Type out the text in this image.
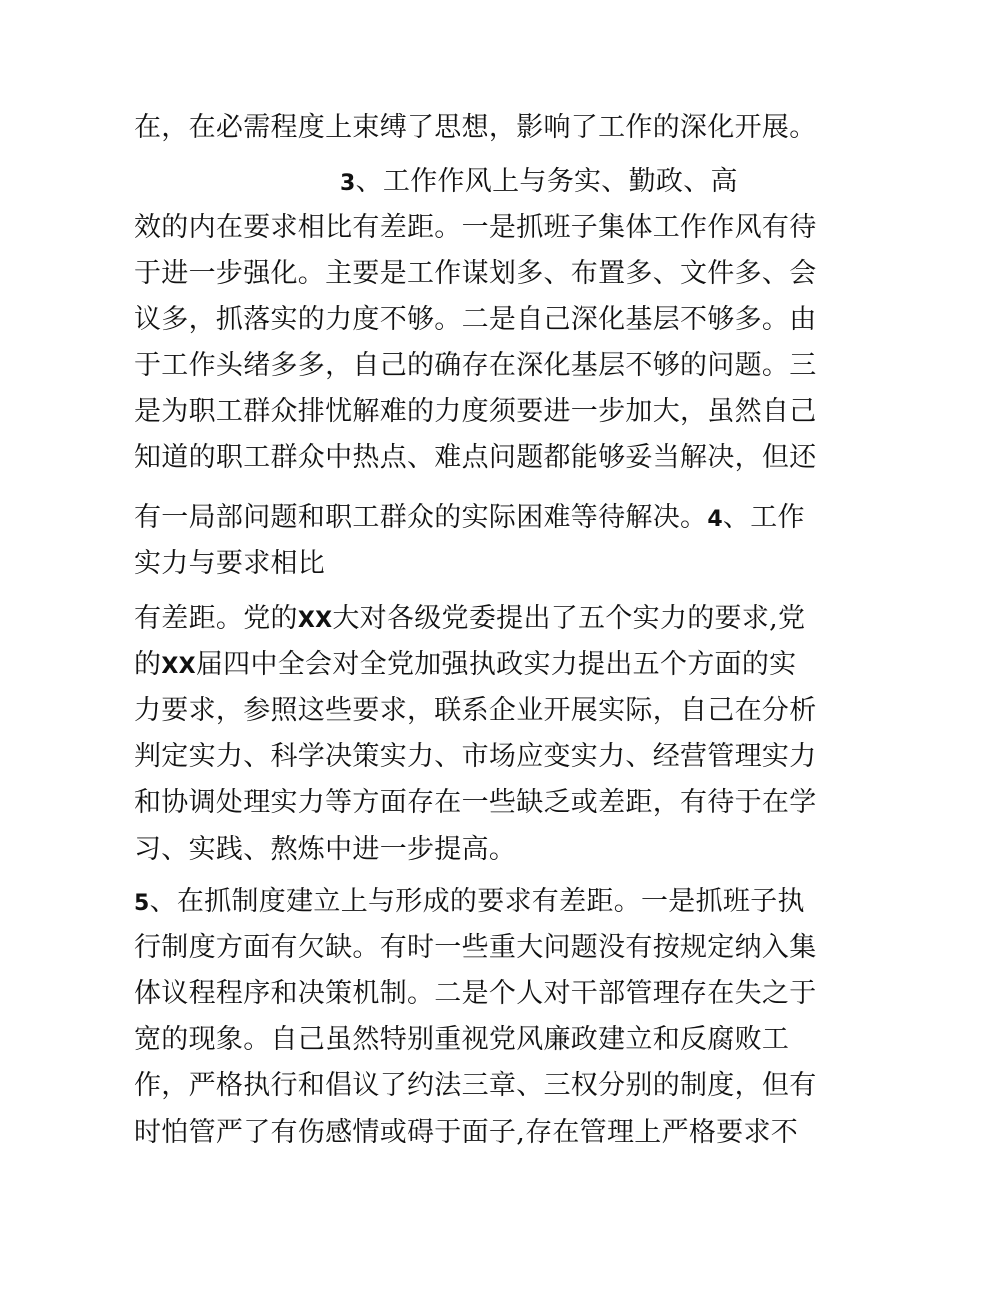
在，在必需程度上束缚了思想，影响了工作的深化开展。
3、工作作风上与务实、勤政、高
效的内在要求相比有差距。一是抓班子集体工作作风有待
于进一步强化。主要是工作谋划多、布置多、文件多、会
议多，抓落实的力度不够。二是自己深化基层不够多。由
于工作头绪多多，自己的确存在深化基层不够的问题。三
是为职工群众排忧解难的力度须要进一步加大，虽然自己
知道的职工群众中热点、难点问题都能够妥当解决，但还
有一局部问题和职工群众的实际困难等待解决。4、工作
实力与要求相比
有差距。党的XX大对各级党委提出了五个实力的要求,党
的XX届四中全会对全党加强执政实力提出五个方面的实
力要求，参照这些要求，联系企业开展实际，自己在分析
判定实力、科学决策实力、市场应变实力、经营管理实力
和协调处理实力等方面存在一些缺乏或差距，有待于在学
习、实践、熬炼中进一步提高。
5、在抓制度建立上与形成的要求有差距。一是抓班子执
行制度方面有欠缺。有时一些重大问题没有按规定纳入集
体议程程序和决策机制。二是个人对干部管理存在失之于
宽的现象。自己虽然特别重视党风廉政建立和反腐败工
作，严格执行和倡议了约法三章、三权分别的制度，但有
时怕管严了有伤感情或碍于面子,存在管理上严格要求不
